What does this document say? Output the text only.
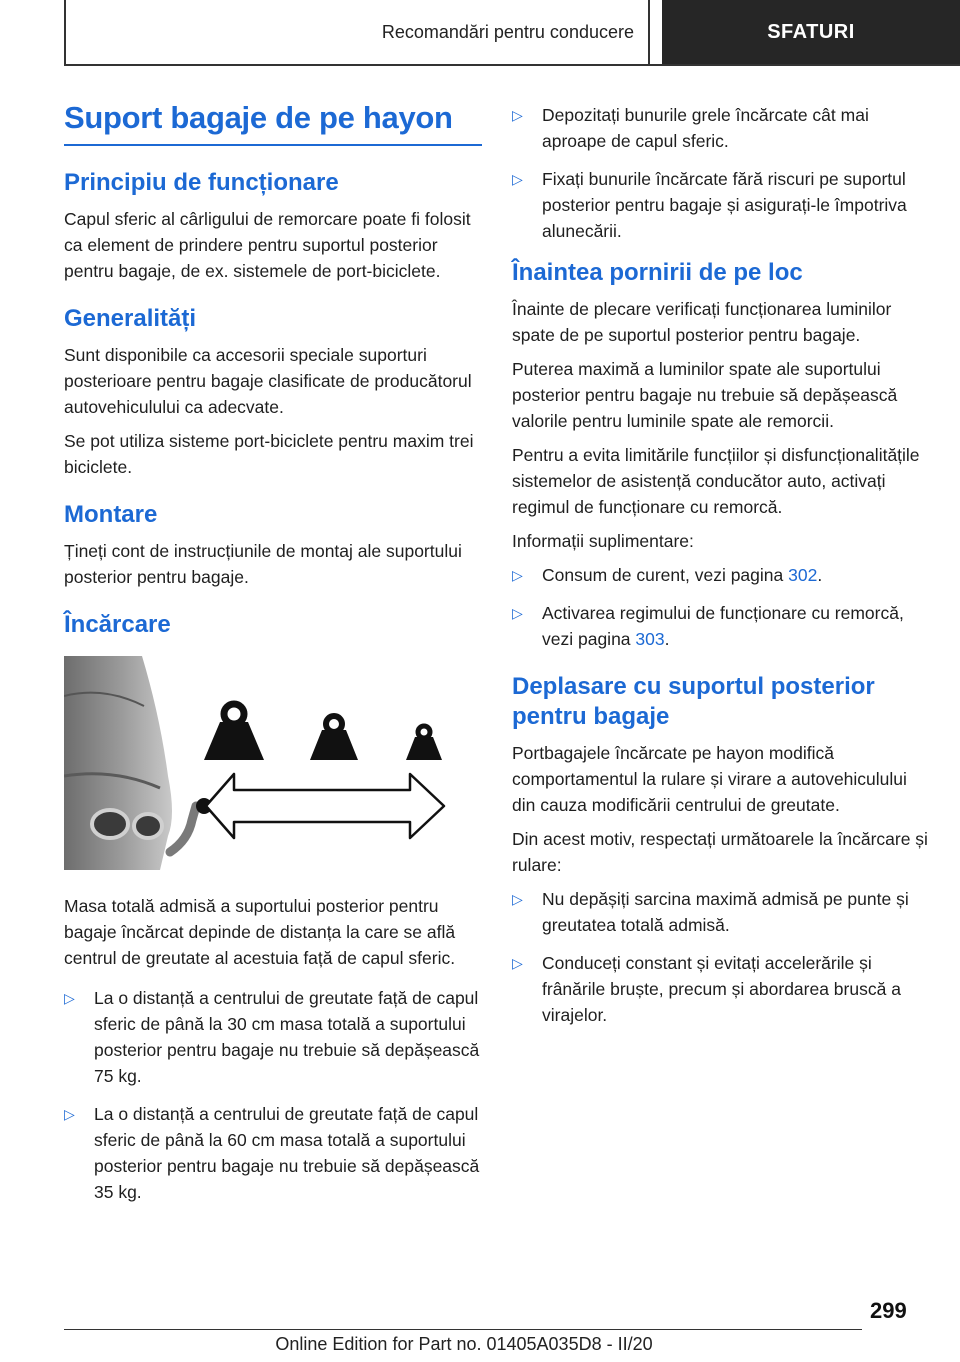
Recomandări pentru conducere	SFATURI
Suport bagaje de pe hayon
Principiu de funcționare

Capul sferic al cârligului de remorcare poate fi folosit ca element de prindere pentru suportul posterior pentru bagaje, de ex. sistemele de port-biciclete.

Generalități

Sunt disponibile ca accesorii speciale suporturi posterioare pentru bagaje clasificate de producătorul autovehiculului ca adecvate.

Se pot utiliza sisteme port-biciclete pentru maxim trei biciclete.

Montare

Țineți cont de instrucțiunile de montaj ale suportului posterior pentru bagaje.

Încărcare

Masa totală admisă a suportului posterior pentru bagaje încărcat depinde de distanța la care se află centrul de greutate al acestuia față de capul sferic.

▷ La o distanță a centrului de greutate față de capul sferic de până la 30 cm masa totală a suportului posterior pentru bagaje nu trebuie să depășească 75 kg.
▷ La o distanță a centrului de greutate față de capul sferic de până la 60 cm masa totală a suportului posterior pentru bagaje nu trebuie să depășească 35 kg.
▷ Depozitați bunurile grele încărcate cât mai aproape de capul sferic.
▷ Fixați bunurile încărcate fără riscuri pe suportul posterior pentru bagaje și asigurați-le împotriva alunecării.
Înaintea pornirii de pe loc

Înainte de plecare verificați funcționarea luminilor spate de pe suportul posterior pentru bagaje.

Puterea maximă a luminilor spate ale suportului posterior pentru bagaje nu trebuie să depășească valorile pentru luminile spate ale remorcii.

Pentru a evita limitările funcțiilor și disfuncționalitățile sistemelor de asistență conducător auto, activați regimul de funcționare cu remorcă.

Informații suplimentare:

▷ Consum de curent, vezi pagina 302.
▷ Activarea regimului de funcționare cu remorcă, vezi pagina 303.
Deplasare cu suportul posterior pentru bagaje

Portbagajele încărcate pe hayon modifică comportamentul la rulare și virare a autovehiculului din cauza modificării centrului de greutate.

Din acest motiv, respectați următoarele la încărcare și rulare:

▷ Nu depășiți sarcina maximă admisă pe punte și greutatea totală admisă.
▷ Conduceți constant și evitați accelerările și frânările bruște, precum și abordarea bruscă a virajelor.
299
Online Edition for Part no. 01405A035D8 - II/20
